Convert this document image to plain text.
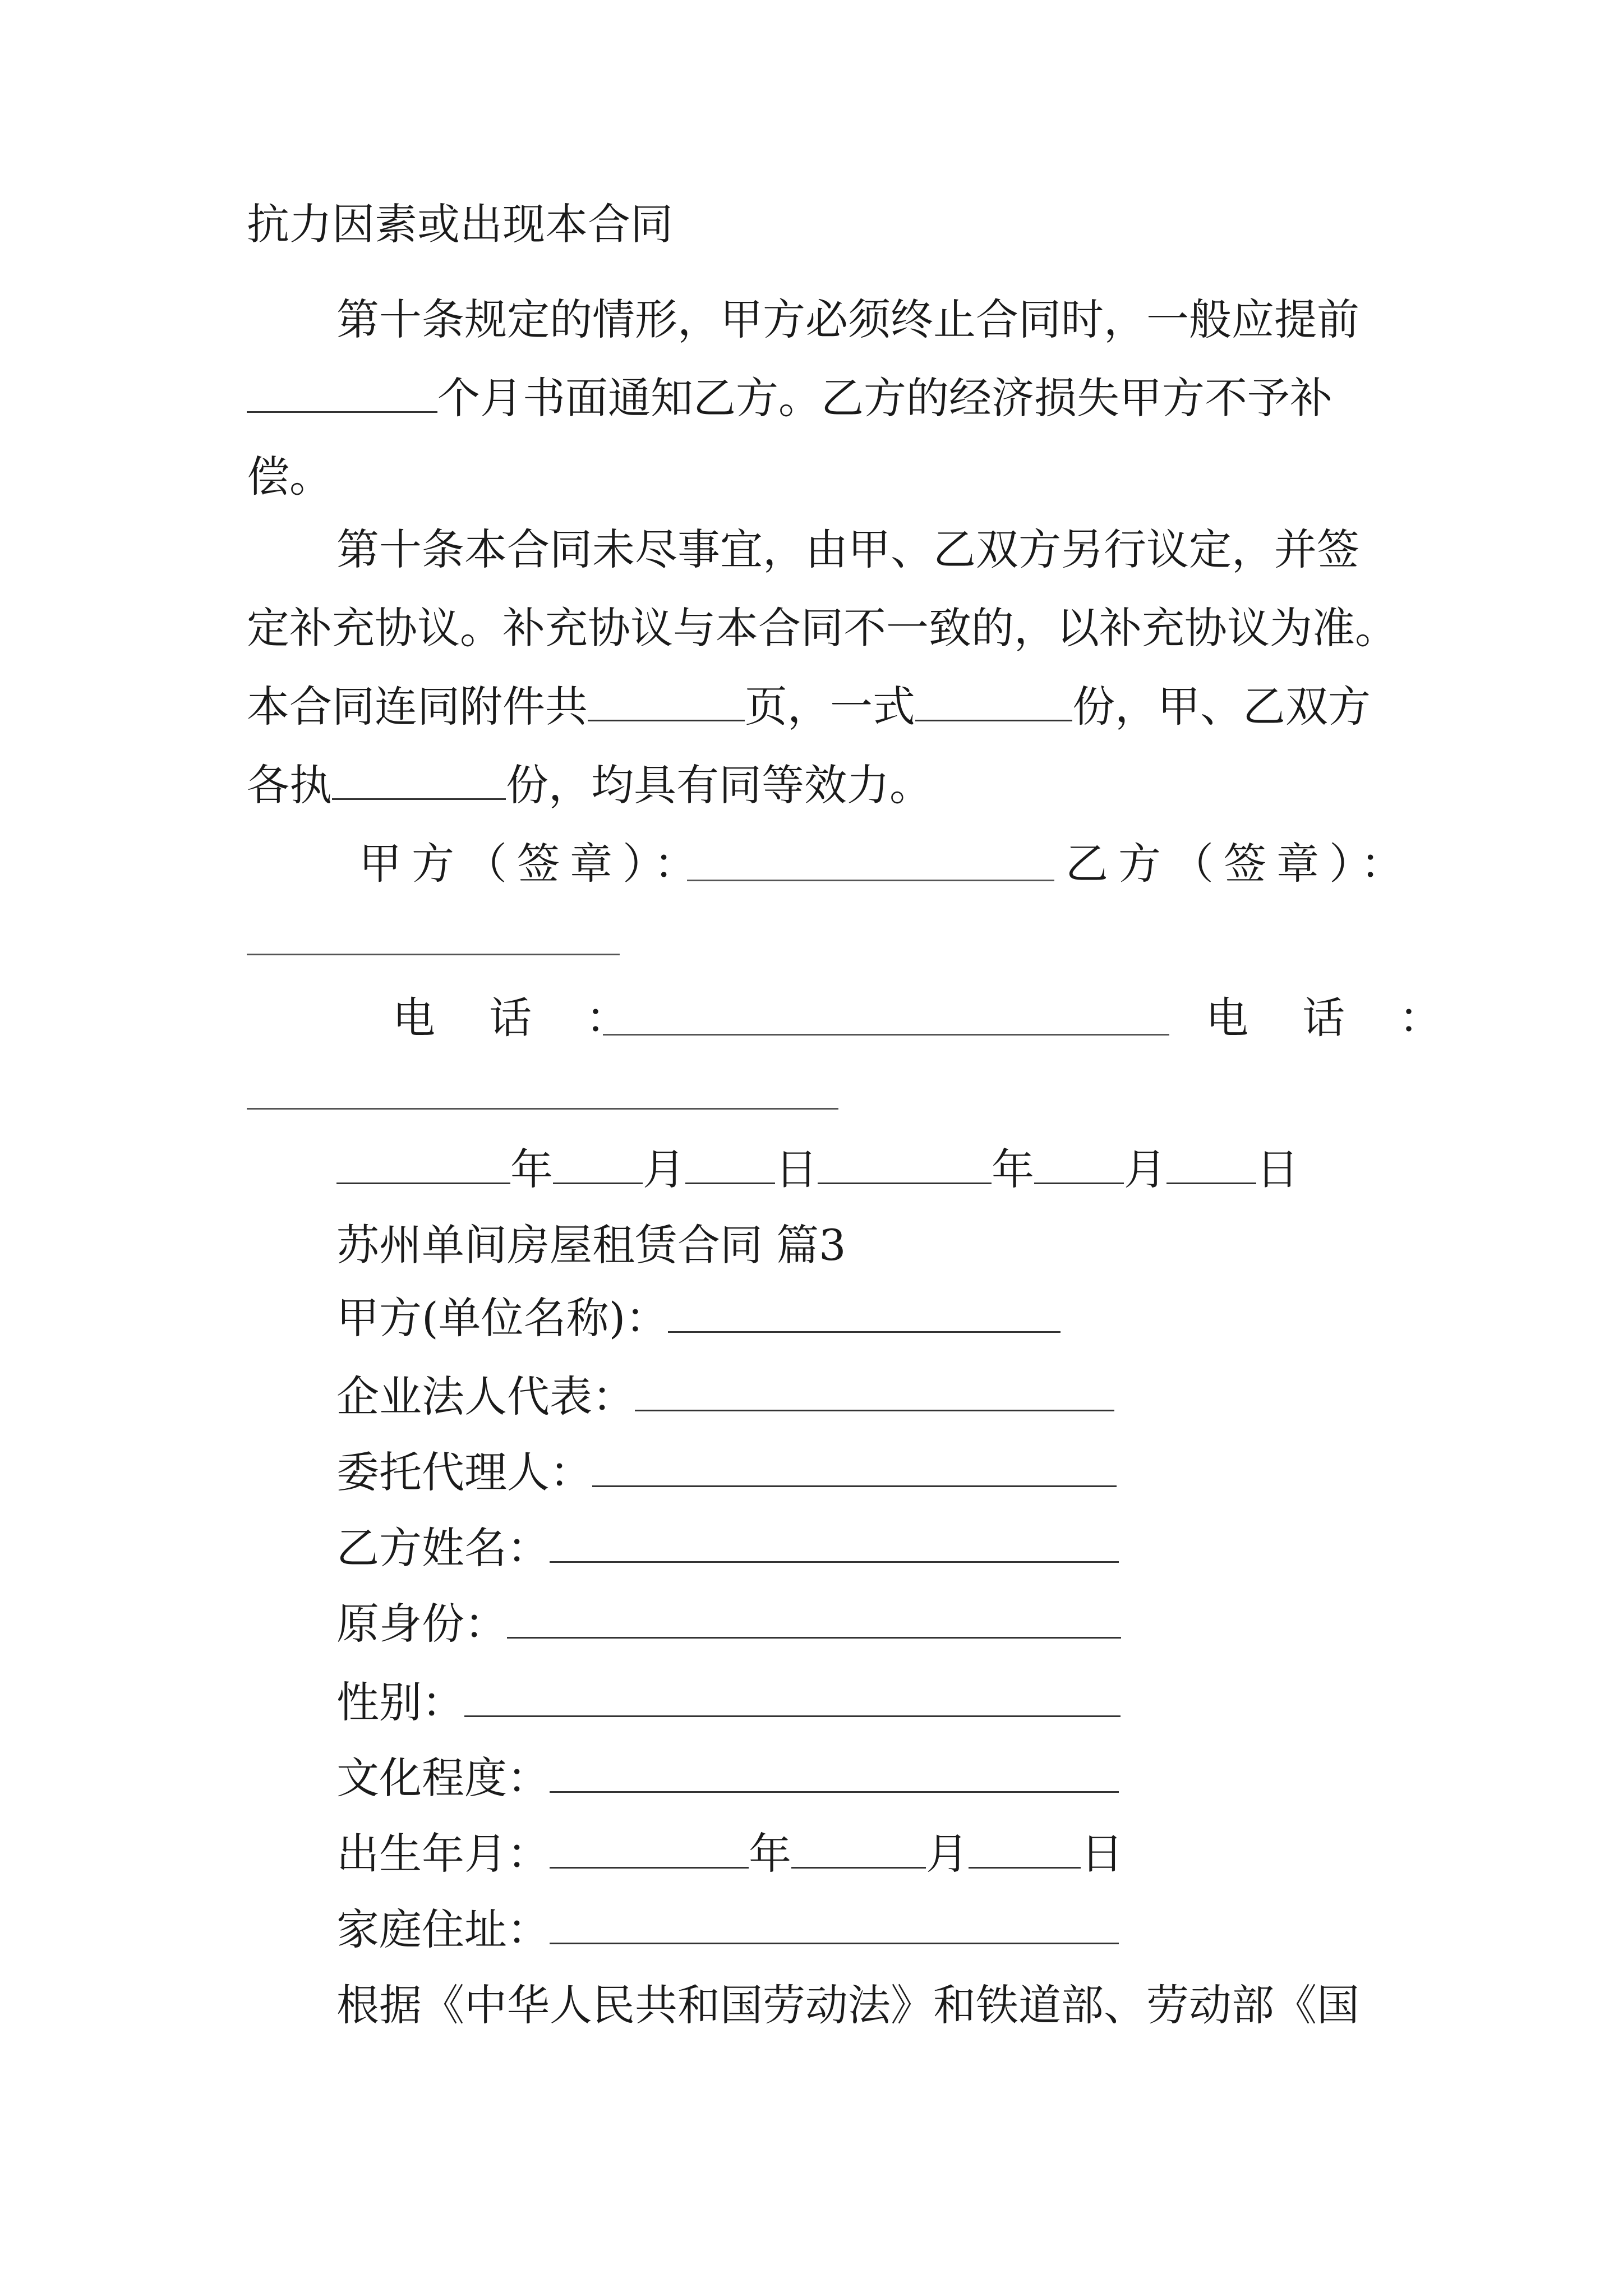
抗力因素或出现本合同
第十条规定的情形，甲方必须终止合同时，一般应提前
个月书面通知乙方。乙方的经济损失甲方不予补
偿。
第十条本合同未尽事宜，由甲、乙双方另行议定，并签
定补充协议。补充协议与本合同不一致的，以补充协议为准。
本合同连同附件共	页，一式	份，甲、乙双方
各执	份，均具有同等效力。
甲方（签章）：	乙方（签章）：
电 话 ：	电 话 ：
年 月 日	年 月 日
苏州单间房屋租赁合同 篇3
甲方(单位名称)：
企业法人代表：
委托代理人：
乙方姓名：
原身份：
性别：
文化程度：
出生年月：	年	月	日
家庭住址：
根据《中华人民共和国劳动法》和铁道部、劳动部《国
